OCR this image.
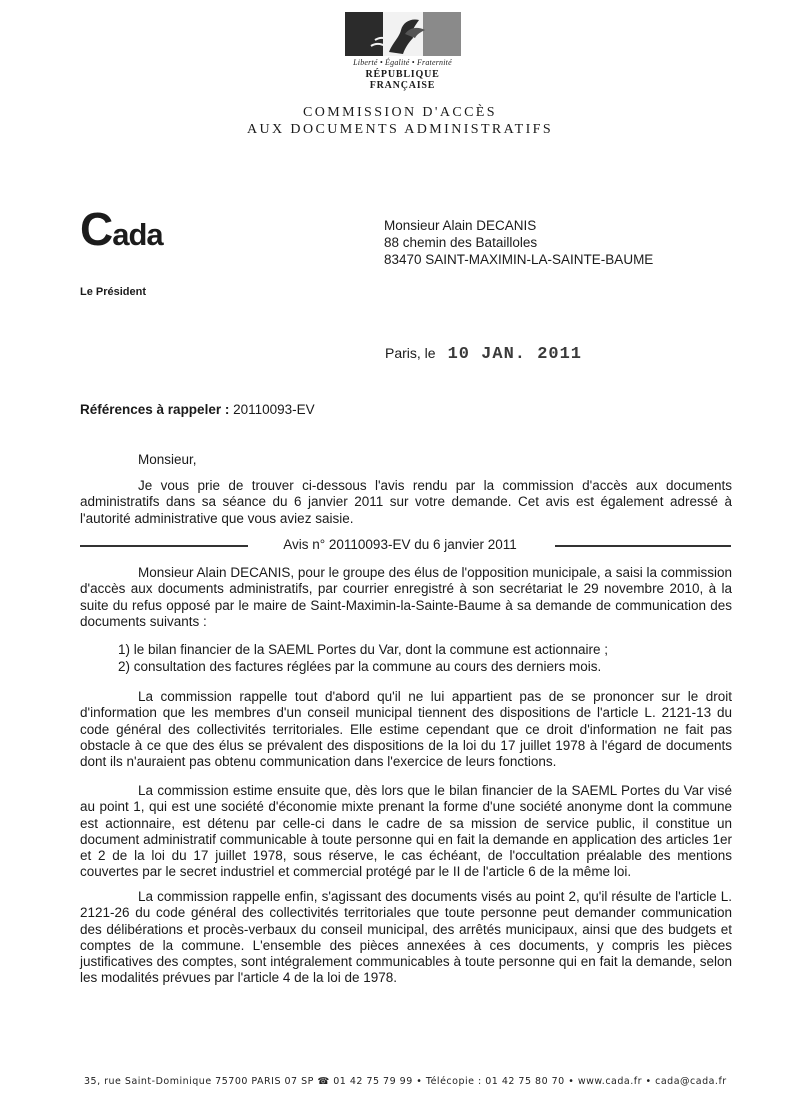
Liberté • Égalité • Fraternité
RÉPUBLIQUE FRANÇAISE
COMMISSION D'ACCÈS
AUX DOCUMENTS ADMINISTRATIFS
Cada
Le Président
Monsieur Alain DECANIS
88 chemin des Batailloles
83470 SAINT-MAXIMIN-LA-SAINTE-BAUME
Paris, le 10 JAN. 2011
Références à rappeler : 20110093-EV
Monsieur,
Je vous prie de trouver ci-dessous l'avis rendu par la commission d'accès aux documents administratifs dans sa séance du 6 janvier 2011 sur votre demande. Cet avis est également adressé à l'autorité administrative que vous aviez saisie.
Avis n° 20110093-EV du 6 janvier 2011
Monsieur Alain DECANIS, pour le groupe des élus de l'opposition municipale, a saisi la commission d'accès aux documents administratifs, par courrier enregistré à son secrétariat le 29 novembre 2010, à la suite du refus opposé par le maire de Saint-Maximin-la-Sainte-Baume à sa demande de communication des documents suivants :
1) le bilan financier de la SAEML Portes du Var, dont la commune est actionnaire ;
2) consultation des factures réglées par la commune au cours des derniers mois.
La commission rappelle tout d'abord qu'il ne lui appartient pas de se prononcer sur le droit d'information que les membres d'un conseil municipal tiennent des dispositions de l'article L. 2121-13 du code général des collectivités territoriales. Elle estime cependant que ce droit d'information ne fait pas obstacle à ce que des élus se prévalent des dispositions de la loi du 17 juillet 1978 à l'égard de documents dont ils n'auraient pas obtenu communication dans l'exercice de leurs fonctions.
La commission estime ensuite que, dès lors que le bilan financier de la SAEML Portes du Var visé au point 1, qui est une société d'économie mixte prenant la forme d'une société anonyme dont la commune est actionnaire, est détenu par celle-ci dans le cadre de sa mission de service public, il constitue un document administratif communicable à toute personne qui en fait la demande en application des articles 1er et 2 de la loi du 17 juillet 1978, sous réserve, le cas échéant, de l'occultation préalable des mentions couvertes par le secret industriel et commercial protégé par le II de l'article 6 de la même loi.
La commission rappelle enfin, s'agissant des documents visés au point 2, qu'il résulte de l'article L. 2121-26 du code général des collectivités territoriales que toute personne peut demander communication des délibérations et procès-verbaux du conseil municipal, des arrêtés municipaux, ainsi que des budgets et comptes de la commune. L'ensemble des pièces annexées à ces documents, y compris les pièces justificatives des comptes, sont intégralement communicables à toute personne qui en fait la demande, selon les modalités prévues par l'article 4 de la loi de 1978.
35, rue Saint-Dominique 75700 PARIS 07 SP ☎ 01 42 75 79 99 • Télécopie : 01 42 75 80 70 • www.cada.fr • cada@cada.fr
